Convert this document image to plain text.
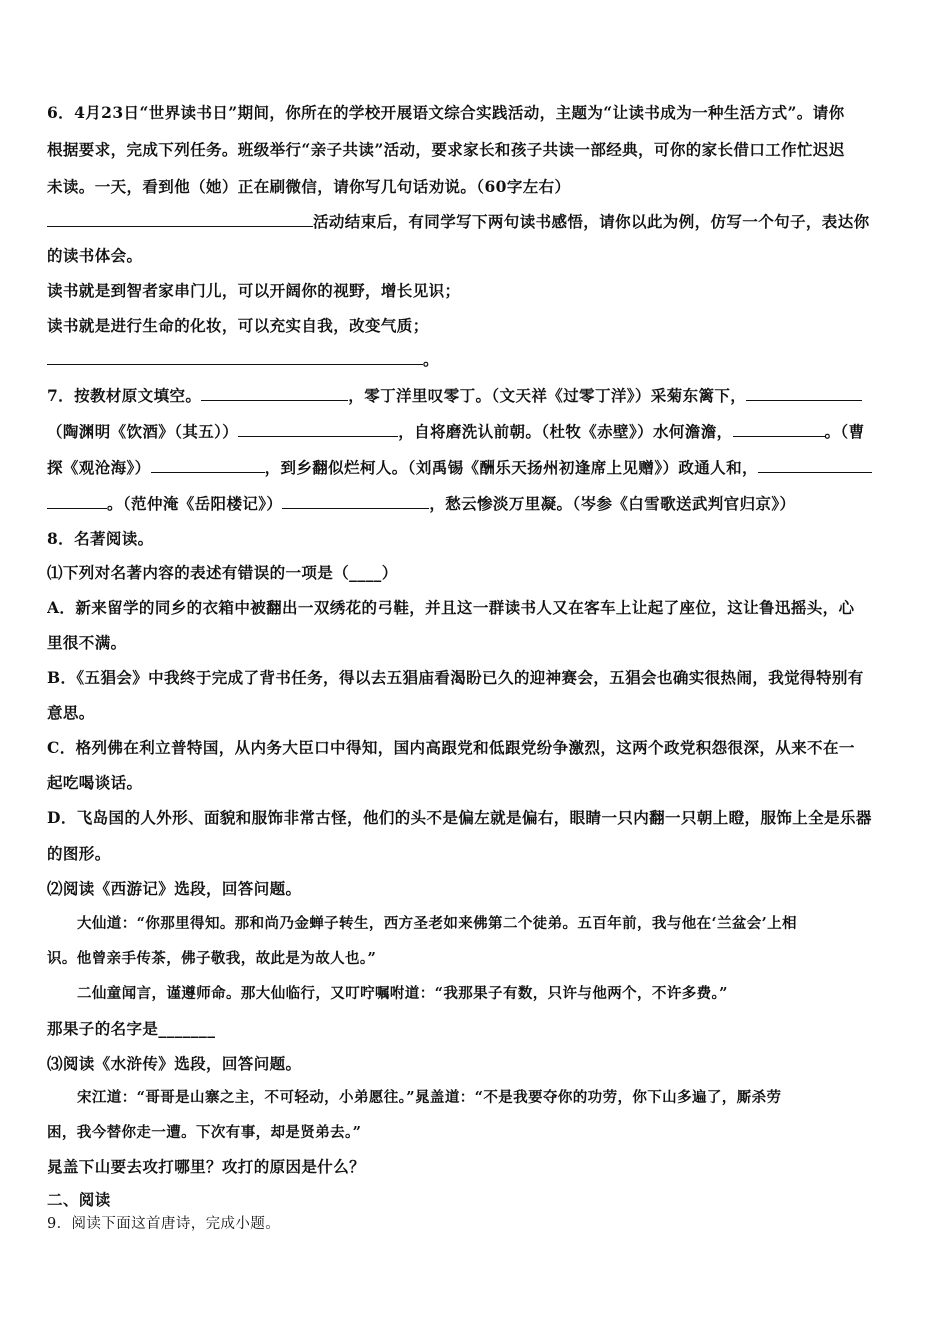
6．4月23日“世界读书日”期间，你所在的学校开展语文综合实践活动，主题为“让读书成为一种生活方式”。请你
根据要求，完成下列任务。班级举行“亲子共读”活动，要求家长和孩子共读一部经典，可你的家长借口工作忙迟迟
未读。一天，看到他（她）正在刷微信，请你写几句话劝说。（60字左右）
活动结束后，有同学写下两句读书感悟，请你以此为例，仿写一个句子，表达你
的读书体会。
读书就是到智者家串门儿，可以开阔你的视野，增长见识；
读书就是进行生命的化妆，可以充实自我，改变气质；
。
7．按教材原文填空。	，零丁洋里叹零丁。（文天祥《过零丁洋》）采菊东篱下，
（陶渊明《饮酒》（其五））	，自将磨洗认前朝。（杜牧《赤壁》）水何澹澹，	。（曹
探《观沧海》）	，到乡翻似烂柯人。（刘禹锡《酬乐天扬州初逢席上见赠》）政通人和，
。（范仲淹《岳阳楼记》）	，愁云惨淡万里凝。（岑参《白雪歌送武判官归京》）
8．名著阅读。
⑴下列对名著内容的表述有错误的一项是（____）
A．新来留学的同乡的衣箱中被翻出一双绣花的弓鞋，并且这一群读书人又在客车上让起了座位，这让鲁迅摇头，心
里很不满。
B．《五猖会》中我终于完成了背书任务，得以去五猖庙看渴盼已久的迎神赛会，五猖会也确实很热闹，我觉得特别有
意思。
C．格列佛在利立普特国，从内务大臣口中得知，国内高跟党和低跟党纷争激烈，这两个政党积怨很深，从来不在一
起吃喝谈话。
D．飞岛国的人外形、面貌和服饰非常古怪，他们的头不是偏左就是偏右，眼睛一只内翻一只朝上瞪，服饰上全是乐器
的图形。
⑵阅读《西游记》选段，回答问题。
大仙道：“你那里得知。那和尚乃金蝉子转生，西方圣老如来佛第二个徒弟。五百年前，我与他在‘兰盆会’上相
识。他曾亲手传茶，佛子敬我，故此是为故人也。”
二仙童闻言，谨遵师命。那大仙临行，又叮咛嘱咐道：“我那果子有数，只许与他两个，不许多费。”
那果子的名字是_______
⑶阅读《水浒传》选段，回答问题。
宋江道：“哥哥是山寨之主，不可轻动，小弟愿往。”晁盖道：“不是我要夺你的功劳，你下山多遍了，厮杀劳
困，我今替你走一遭。下次有事，却是贤弟去。”
晁盖下山要去攻打哪里？攻打的原因是什么？
二、阅读
9．阅读下面这首唐诗，完成小题。
